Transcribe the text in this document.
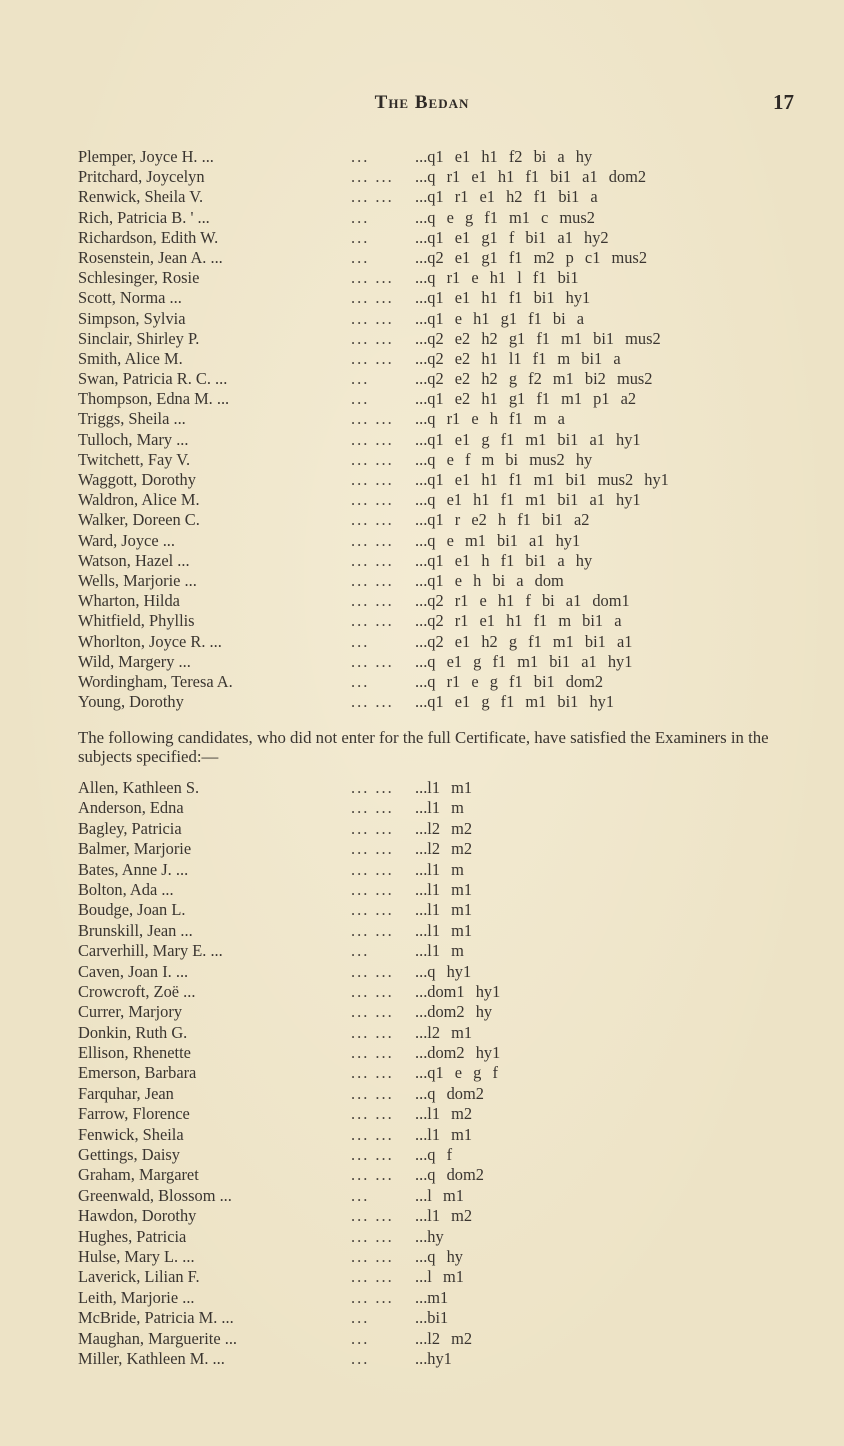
The Bedan	17
Plemper, Joyce H. ...	...	...q1 e1 h1 f2 bi a hy
Pritchard, Joycelyn	... ... ...q r1 e1 h1 f1 bi1 a1 dom2
Renwick, Sheila V.	... ... ...q1 r1 e1 h2 f1 bi1 a
Rich, Patricia B. ' ...	...	...q e g f1 m1 c mus2
Richardson, Edith W.	...	...q1 e1 g1 f bi1 a1 hy2
Rosenstein, Jean A. ...	...	...q2 e1 g1 f1 m2 p c1 mus2
Schlesinger, Rosie	... ... ...q r1 e h1 l f1 bi1
Scott, Norma ...	... ... ...q1 e1 h1 f1 bi1 hy1
Simpson, Sylvia	... ... ...q1 e h1 g1 f1 bi a
Sinclair, Shirley P.	... ... ...q2 e2 h2 g1 f1 m1 bi1 mus2
Smith, Alice M.	... ... ...q2 e2 h1 l1 f1 m bi1 a
Swan, Patricia R. C. ...	...	...q2 e2 h2 g f2 m1 bi2 mus2
Thompson, Edna M. ...	...	...q1 e2 h1 g1 f1 m1 p1 a2
Triggs, Sheila ...	... ... ...q r1 e h f1 m a
Tulloch, Mary ...	... ... ...q1 e1 g f1 m1 bi1 a1 hy1
Twitchett, Fay V.	... ... ...q e f m bi mus2 hy
Waggott, Dorothy	... ... ...q1 e1 h1 f1 m1 bi1 mus2 hy1
Waldron, Alice M.	... ... ...q e1 h1 f1 m1 bi1 a1 hy1
Walker, Doreen C.	... ... ...q1 r e2 h f1 bi1 a2
Ward, Joyce ...	... ... ...q e m1 bi1 a1 hy1
Watson, Hazel ...	... ... ...q1 e1 h f1 bi1 a hy
Wells, Marjorie ...	... ... ...q1 e h bi a dom
Wharton, Hilda	... ... ...q2 r1 e h1 f bi a1 dom1
Whitfield, Phyllis	... ... ...q2 r1 e1 h1 f1 m bi1 a
Whorlton, Joyce R. ...	...	...q2 e1 h2 g f1 m1 bi1 a1
Wild, Margery ...	... ... ...q e1 g f1 m1 bi1 a1 hy1
Wordingham, Teresa A.	...	...q r1 e g f1 bi1 dom2
Young, Dorothy	... ... ...q1 e1 g f1 m1 bi1 hy1
The following candidates, who did not enter for the full Certificate, have satisfied the Examiners in the subjects specified:—
Allen, Kathleen S.	... ... ...l1 m1
Anderson, Edna	... ... ...l1 m
Bagley, Patricia	... ... ...l2 m2
Balmer, Marjorie	... ... ...l2 m2
Bates, Anne J. ...	... ... ...l1 m
Bolton, Ada ...	... ... ...l1 m1
Boudge, Joan L.	... ... ...l1 m1
Brunskill, Jean ...	... ... ...l1 m1
Carverhill, Mary E. ...	...	...l1 m
Caven, Joan I. ...	... ... ...q hy1
Crowcroft, Zoë ...	... ... ...dom1 hy1
Currer, Marjory	... ... ...dom2 hy
Donkin, Ruth G.	... ... ...l2 m1
Ellison, Rhenette	... ... ...dom2 hy1
Emerson, Barbara	... ... ...q1 e g f
Farquhar, Jean	... ... ...q dom2
Farrow, Florence	... ... ...l1 m2
Fenwick, Sheila	... ... ...l1 m1
Gettings, Daisy	... ... ...q f
Graham, Margaret	... ... ...q dom2
Greenwald, Blossom ...	...	...l m1
Hawdon, Dorothy	... ... ...l1 m2
Hughes, Patricia	... ... ...hy
Hulse, Mary L. ...	... ... ...q hy
Laverick, Lilian F.	... ... ...l m1
Leith, Marjorie ...	... ... ...m1
McBride, Patricia M. ...	...	...bi1
Maughan, Marguerite ...	...	...l2 m2
Miller, Kathleen M. ...	...	...hy1
